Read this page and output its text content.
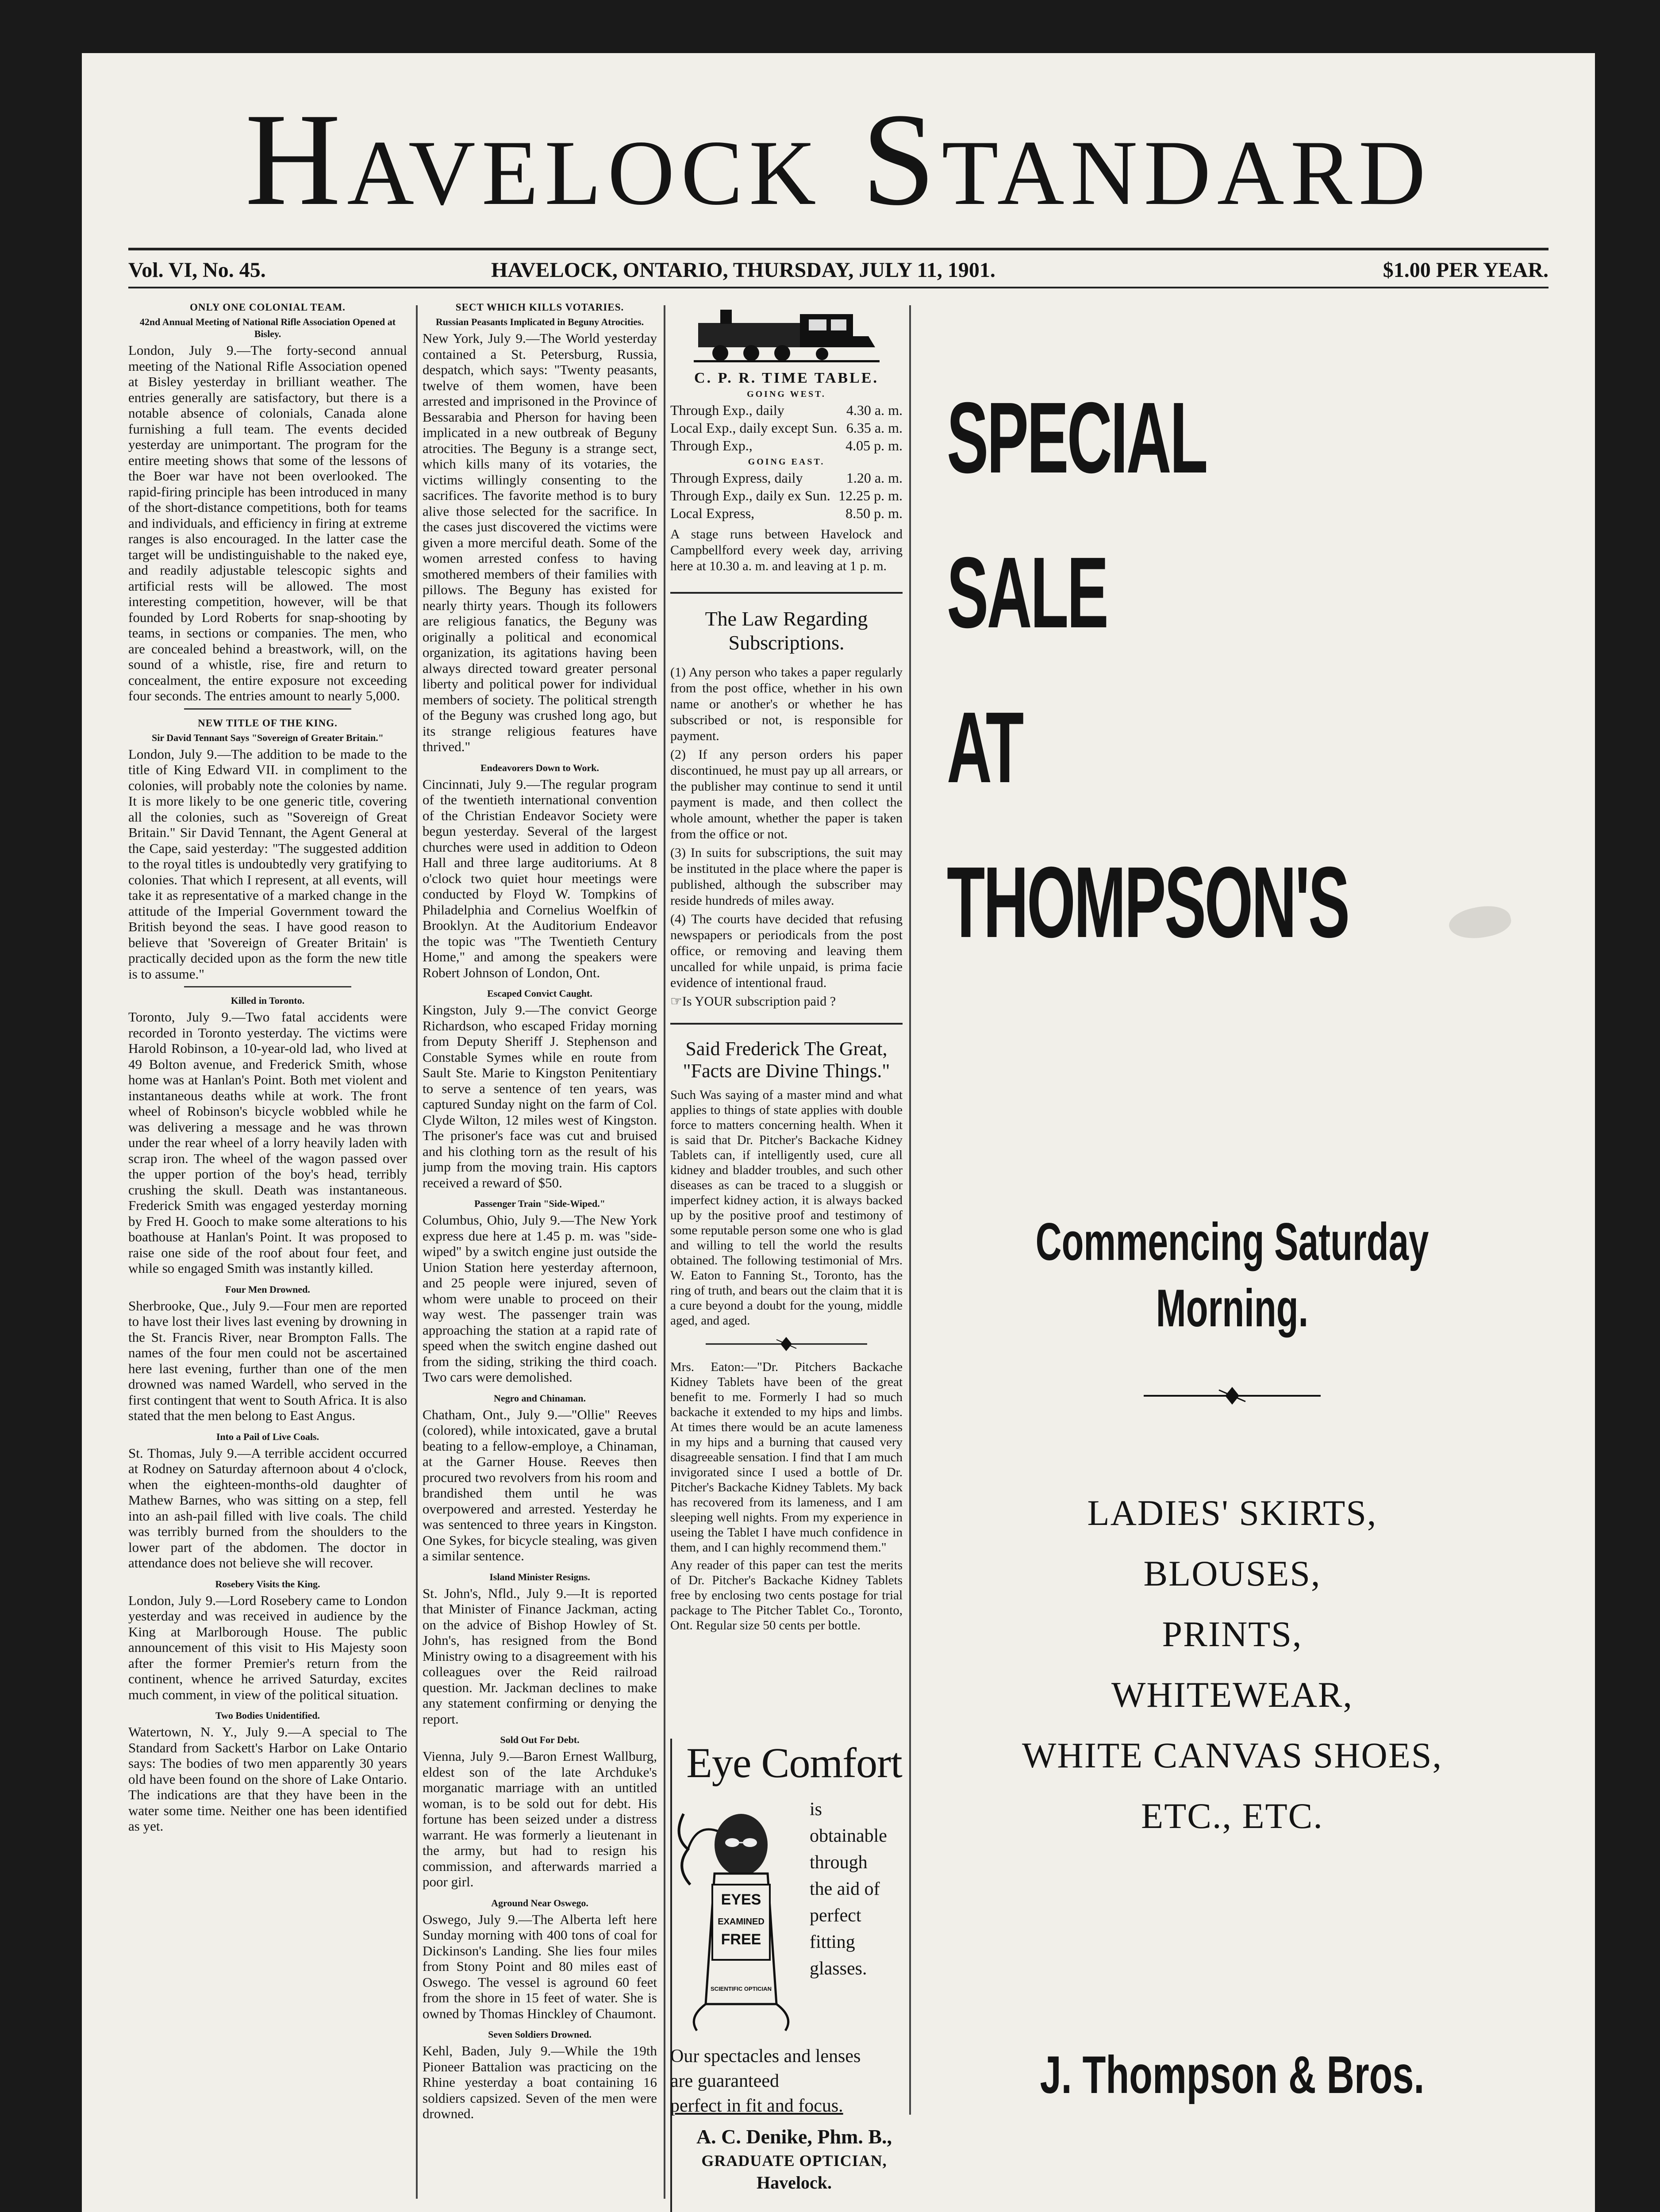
Havelock Standard
Vol. VI, No. 45.	HAVELOCK, ONTARIO, THURSDAY, JULY 11, 1901.	$1.00 PER YEAR.
ONLY ONE COLONIAL TEAM.
42nd Annual Meeting of National Rifle Association Opened at Bisley.

London, July 9.—The forty-second annual meeting of the National Rifle Association opened at Bisley yesterday in brilliant weather. The entries generally are satisfactory, but there is a notable absence of colonials, Canada alone furnishing a full team. The events decided yesterday are unimportant. The program for the entire meeting shows that some of the lessons of the Boer war have not been overlooked. The rapid-firing principle has been introduced in many of the short-distance competitions, both for teams and individuals, and efficiency in firing at extreme ranges is also encouraged. In the latter case the target will be undistinguishable to the naked eye, and readily adjustable telescopic sights and artificial rests will be allowed. The most interesting competition, however, will be that founded by Lord Roberts for snap-shooting by teams, in sections or companies. The men, who are concealed behind a breastwork, will, on the sound of a whistle, rise, fire and return to concealment, the entire exposure not exceeding four seconds. The entries amount to nearly 5,000.

NEW TITLE OF THE KING.
Sir David Tennant Says "Sovereign of Greater Britain."

London, July 9.—The addition to be made to the title of King Edward VII. in compliment to the colonies, will probably note the colonies by name. It is more likely to be one generic title, covering all the colonies, such as "Sovereign of Great Britain." Sir David Tennant, the Agent General at the Cape, said yesterday: "The suggested addition to the royal titles is undoubtedly very gratifying to colonies. That which I represent, at all events, will take it as representative of a marked change in the attitude of the Imperial Government toward the British beyond the seas. I have good reason to believe that 'Sovereign of Greater Britain' is practically decided upon as the form the new title is to assume."

Killed in Toronto.

Toronto, July 9.—Two fatal accidents were recorded in Toronto yesterday. The victims were Harold Robinson, a 10-year-old lad, who lived at 49 Bolton avenue, and Frederick Smith, whose home was at Hanlan's Point. Both met violent and instantaneous deaths while at work. The front wheel of Robinson's bicycle wobbled while he was delivering a message and he was thrown under the rear wheel of a lorry heavily laden with scrap iron. The wheel of the wagon passed over the upper portion of the boy's head, terribly crushing the skull. Death was instantaneous. Frederick Smith was engaged yesterday morning by Fred H. Gooch to make some alterations to his boathouse at Hanlan's Point. It was proposed to raise one side of the roof about four feet, and while so engaged Smith was instantly killed.

Four Men Drowned.

Sherbrooke, Que., July 9.—Four men are reported to have lost their lives last evening by drowning in the St. Francis River, near Brompton Falls. The names of the four men could not be ascertained here last evening, further than one of the men drowned was named Wardell, who served in the first contingent that went to South Africa. It is also stated that the men belong to East Angus.

Into a Pail of Live Coals.

St. Thomas, July 9.—A terrible accident occurred at Rodney on Saturday afternoon about 4 o'clock, when the eighteen-months-old daughter of Mathew Barnes, who was sitting on a step, fell into an ash-pail filled with live coals. The child was terribly burned from the shoulders to the lower part of the abdomen. The doctor in attendance does not believe she will recover.

Rosebery Visits the King.

London, July 9.—Lord Rosebery came to London yesterday and was received in audience by the King at Marlborough House. The public announcement of this visit to His Majesty soon after the former Premier's return from the continent, whence he arrived Saturday, excites much comment, in view of the political situation.

Two Bodies Unidentified.

Watertown, N. Y., July 9.—A special to The Standard from Sackett's Harbor on Lake Ontario says: The bodies of two men apparently 30 years old have been found on the shore of Lake Ontario. The indications are that they have been in the water some time. Neither one has been identified as yet.

SECT WHICH KILLS VOTARIES.
Russian Peasants Implicated in Beguny Atrocities.

New York, July 9.—The World yesterday contained a St. Petersburg, Russia, despatch, which says: "Twenty peasants, twelve of them women, have been arrested and imprisoned in the Province of Bessarabia and Pherson for having been implicated in a new outbreak of Beguny atrocities. The Beguny is a strange sect, which kills many of its votaries, the victims willingly consenting to the sacrifices. The favorite method is to bury alive those selected for the sacrifice. In the cases just discovered the victims were given a more merciful death. Some of the women arrested confess to having smothered members of their families with pillows. The Beguny has existed for nearly thirty years. Though its followers are religious fanatics, the Beguny was originally a political and economical organization, its agitations having been always directed toward greater personal liberty and political power for individual members of society. The political strength of the Beguny was crushed long ago, but its strange religious features have thrived."

Endeavorers Down to Work.

Cincinnati, July 9.—The regular program of the twentieth international convention of the Christian Endeavor Society were begun yesterday. Several of the largest churches were used in addition to Odeon Hall and three large auditoriums. At 8 o'clock two quiet hour meetings were conducted by Floyd W. Tompkins of Philadelphia and Cornelius Woelfkin of Brooklyn. At the Auditorium Endeavor the topic was "The Twentieth Century Home," and among the speakers were Robert Johnson of London, Ont.

Escaped Convict Caught.

Kingston, July 9.—The convict George Richardson, who escaped Friday morning from Deputy Sheriff J. Stephenson and Constable Symes while en route from Sault Ste. Marie to Kingston Penitentiary to serve a sentence of ten years, was captured Sunday night on the farm of Col. Clyde Wilton, 12 miles west of Kingston. The prisoner's face was cut and bruised and his clothing torn as the result of his jump from the moving train. His captors received a reward of $50.

Passenger Train "Side-Wiped."

Columbus, Ohio, July 9.—The New York express due here at 1.45 p. m. was "side-wiped" by a switch engine just outside the Union Station here yesterday afternoon, and 25 people were injured, seven of whom were unable to proceed on their way west. The passenger train was approaching the station at a rapid rate of speed when the switch engine dashed out from the siding, striking the third coach. Two cars were demolished.

Negro and Chinaman.

Chatham, Ont., July 9.—"Ollie" Reeves (colored), while intoxicated, gave a brutal beating to a fellow-employe, a Chinaman, at the Garner House. Reeves then procured two revolvers from his room and brandished them until he was overpowered and arrested. Yesterday he was sentenced to three years in Kingston. One Sykes, for bicycle stealing, was given a similar sentence.

Island Minister Resigns.

St. John's, Nfld., July 9.—It is reported that Minister of Finance Jackman, acting on the advice of Bishop Howley of St. John's, has resigned from the Bond Ministry owing to a disagreement with his colleagues over the Reid railroad question. Mr. Jackman declines to make any statement confirming or denying the report.

Sold Out For Debt.

Vienna, July 9.—Baron Ernest Wallburg, eldest son of the late Archduke's morganatic marriage with an untitled woman, is to be sold out for debt. His fortune has been seized under a distress warrant. He was formerly a lieutenant in the army, but had to resign his commission, and afterwards married a poor girl.

Aground Near Oswego.

Oswego, July 9.—The Alberta left here Sunday morning with 400 tons of coal for Dickinson's Landing. She lies four miles from Stony Point and 80 miles east of Oswego. The vessel is aground 60 feet from the shore in 15 feet of water. She is owned by Thomas Hinckley of Chaumont.

Seven Soldiers Drowned.

Kehl, Baden, July 9.—While the 19th Pioneer Battalion was practicing on the Rhine yesterday a boat containing 16 soldiers capsized. Seven of the men were drowned.

C. P. R. TIME TABLE.
GOING WEST.
Through Exp., daily	4.30 a. m.
Local Exp., daily except Sun. 6.35 a. m.
Through Exp.,	4.05 p. m.
GOING EAST.
Through Express, daily	1.20 a. m.
Through Exp., daily ex Sun. 12.25 p. m.
Local Express,	8.50 p. m.

A stage runs between Havelock and Campbellford every week day, arriving here at 10.30 a. m. and leaving at 1 p. m.

The Law Regarding Subscriptions.

(1) Any person who takes a paper regularly from the post office, whether in his own name or another's or whether he has subscribed or not, is responsible for payment.

(2) If any person orders his paper discontinued, he must pay up all arrears, or the publisher may continue to send it until payment is made, and then collect the whole amount, whether the paper is taken from the office or not.

(3) In suits for subscriptions, the suit may be instituted in the place where the paper is published, although the subscriber may reside hundreds of miles away.

(4) The courts have decided that refusing newspapers or periodicals from the post office, or removing and leaving them uncalled for while unpaid, is prima facie evidence of intentional fraud.

☞Is YOUR subscription paid ?

Said Frederick The Great, "Facts are Divine Things."

Such Was saying of a master mind and what applies to things of state applies with double force to matters concerning health. When it is said that Dr. Pitcher's Backache Kidney Tablets can, if intelligently used, cure all kidney and bladder troubles, and such other diseases as can be traced to a sluggish or imperfect kidney action, it is always backed up by the positive proof and testimony of some reputable person some one who is glad and willing to tell the world the results obtained. The following testimonial of Mrs. W. Eaton to Fanning St., Toronto, has the ring of truth, and bears out the claim that it is a cure beyond a doubt for the young, middle aged, and aged.

Mrs. Eaton:—"Dr. Pitchers Backache Kidney Tablets have been of the great benefit to me. Formerly I had so much backache it extended to my hips and limbs. At times there would be an acute lameness in my hips and a burning that caused very disagreeable sensation. I find that I am much invigorated since I used a bottle of Dr. Pitcher's Backache Kidney Tablets. My back has recovered from its lameness, and I am sleeping well nights. From my experience in useing the Tablet I have much confidence in them, and I can highly recommend them."

Any reader of this paper can test the merits of Dr. Pitcher's Backache Kidney Tablets free by enclosing two cents postage for trial package to The Pitcher Tablet Co., Toronto, Ont. Regular size 50 cents per bottle.

Eye Comfort
EYES
EXAMINED
FREE
SCIENTIFIC OPTICIAN
is
obtainable
through
the aid of
perfect
fitting
glasses.
Our spectacles and lenses
are guaranteed
perfect in fit and focus.
A. C. Denike, Phm. B.,
GRADUATE OPTICIAN,
Havelock.
SPECIAL
SALE
AT
THOMPSON'S
Commencing Saturday
Morning.
LADIES' SKIRTS,
BLOUSES,
PRINTS,
WHITEWEAR,
WHITE CANVAS SHOES,
ETC., ETC.
J. Thompson & Bros.
